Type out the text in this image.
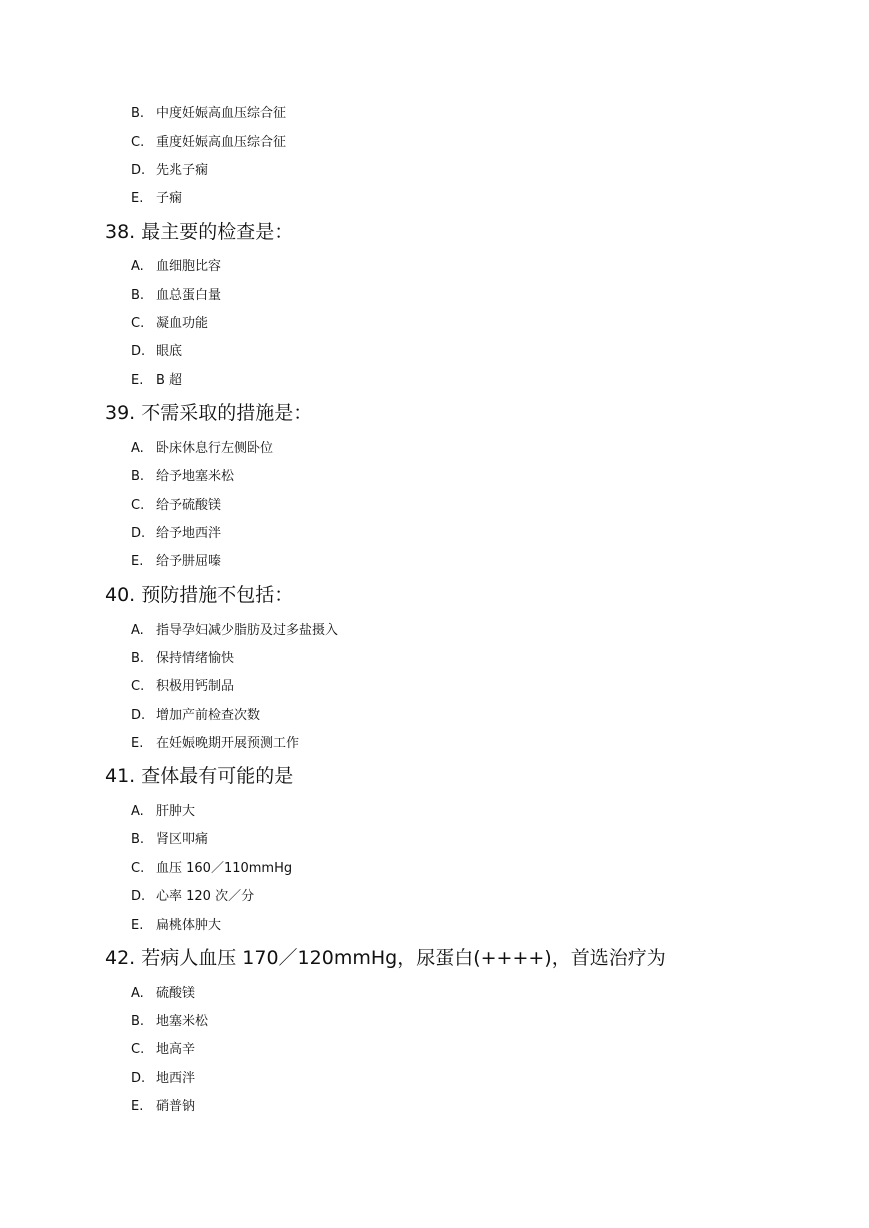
B. 中度妊娠高血压综合征
C. 重度妊娠高血压综合征
D. 先兆子痫
E. 子痫
38. 最主要的检查是：
A. 血细胞比容
B. 血总蛋白量
C. 凝血功能
D. 眼底
E. B 超
39. 不需采取的措施是：
A. 卧床休息行左侧卧位
B. 给予地塞米松
C. 给予硫酸镁
D. 给予地西泮
E. 给予肼屈嗪
40. 预防措施不包括：
A. 指导孕妇减少脂肪及过多盐摄入
B. 保持情绪愉快
C. 积极用钙制品
D. 增加产前检查次数
E. 在妊娠晚期开展预测工作
41. 查体最有可能的是
A. 肝肿大
B. 肾区叩痛
C. 血压 160／110mmHg
D. 心率 120 次／分
E. 扁桃体肿大
42. 若病人血压 170／120mmHg，尿蛋白(++++)，首选治疗为
A. 硫酸镁
B. 地塞米松
C. 地高辛
D. 地西泮
E. 硝普钠
